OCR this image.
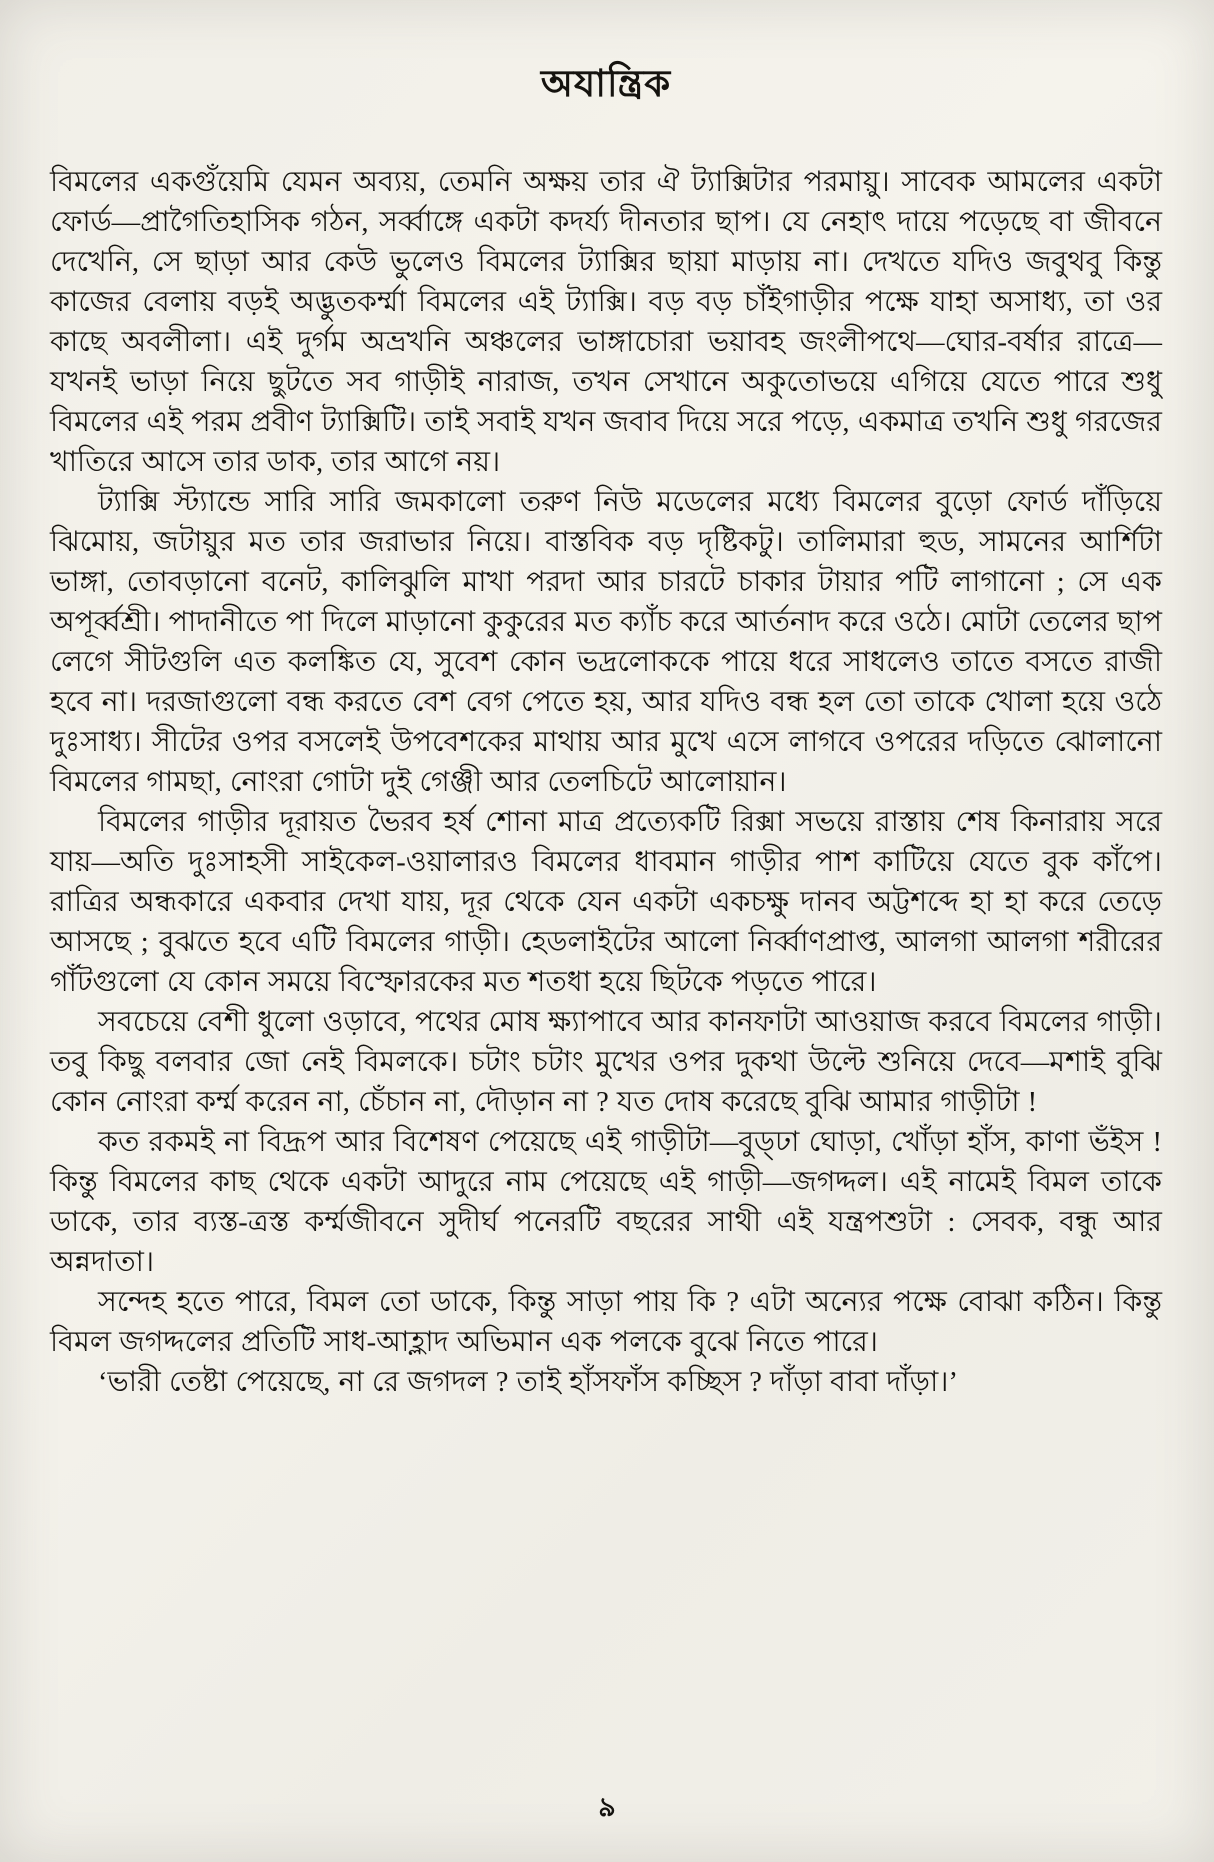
অযান্ত্রিক

বিমলের একগুঁয়েমি যেমন অব্যয়, তেমনি অক্ষয় তার ঐ ট্যাক্সিটার পরমায়ু। সাবেক আমলের একটা ফোর্ড—প্রাগৈতিহাসিক গঠন, সর্ব্বাঙ্গে একটা কদর্য্য দীনতার ছাপ। যে নেহাৎ দায়ে পড়েছে বা জীবনে দেখেনি, সে ছাড়া আর কেউ ভুলেও বিমলের ট্যাক্সির ছায়া মাড়ায় না। দেখতে যদিও জবুথবু কিন্তু কাজের বেলায় বড়ই অদ্ভুতকর্ম্মা বিমলের এই ট্যাক্সি। বড় বড় চাঁইগাড়ীর পক্ষে যাহা অসাধ্য, তা ওর কাছে অবলীলা। এই দুর্গম অভ্রখনি অঞ্চলের ভাঙ্গাচোরা ভয়াবহ জংলীপথে—ঘোর-বর্ষার রাত্রে—যখনই ভাড়া নিয়ে ছুটতে সব গাড়ীই নারাজ, তখন সেখানে অকুতোভয়ে এগিয়ে যেতে পারে শুধু বিমলের এই পরম প্রবীণ ট্যাক্সিটি। তাই সবাই যখন জবাব দিয়ে সরে পড়ে, একমাত্র তখনি শুধু গরজের খাতিরে আসে তার ডাক, তার আগে নয়।

ট্যাক্সি স্ট্যান্ডে সারি সারি জমকালো তরুণ নিউ মডেলের মধ্যে বিমলের বুড়ো ফোর্ড দাঁড়িয়ে ঝিমোয়, জটায়ুর মত তার জরাভার নিয়ে। বাস্তবিক বড় দৃষ্টিকটু। তালিমারা হুড, সামনের আর্শিটা ভাঙ্গা, তোবড়ানো বনেট, কালিঝুলি মাখা পরদা আর চারটে চাকার টায়ার পটি লাগানো ; সে এক অপূর্ব্বশ্রী। পাদানীতে পা দিলে মাড়ানো কুকুরের মত ক্যাঁচ করে আর্তনাদ করে ওঠে। মোটা তেলের ছাপ লেগে সীটগুলি এত কলঙ্কিত যে, সুবেশ কোন ভদ্রলোককে পায়ে ধরে সাধলেও তাতে বসতে রাজী হবে না। দরজাগুলো বন্ধ করতে বেশ বেগ পেতে হয়, আর যদিও বন্ধ হল তো তাকে খোলা হয়ে ওঠে দুঃসাধ্য। সীটের ওপর বসলেই উপবেশকের মাথায় আর মুখে এসে লাগবে ওপরের দড়িতে ঝোলানো বিমলের গামছা, নোংরা গোটা দুই গেঞ্জী আর তেলচিটে আলোয়ান।

বিমলের গাড়ীর দূরায়ত ভৈরব হর্ষ শোনা মাত্র প্রত্যেকটি রিক্সা সভয়ে রাস্তায় শেষ কিনারায় সরে যায়—অতি দুঃসাহসী সাইকেল-ওয়ালারও বিমলের ধাবমান গাড়ীর পাশ কাটিয়ে যেতে বুক কাঁপে। রাত্রির অন্ধকারে একবার দেখা যায়, দূর থেকে যেন একটা একচক্ষু দানব অট্টশব্দে হা হা করে তেড়ে আসছে ; বুঝতে হবে এটি বিমলের গাড়ী। হেডলাইটের আলো নির্ব্বাণপ্রাপ্ত, আলগা আলগা শরীরের গাঁটগুলো যে কোন সময়ে বিস্ফোরকের মত শতধা হয়ে ছিটকে পড়তে পারে।

সবচেয়ে বেশী ধুলো ওড়াবে, পথের মোষ ক্ষ্যাপাবে আর কানফাটা আওয়াজ করবে বিমলের গাড়ী। তবু কিছু বলবার জো নেই বিমলকে। চটাং চটাং মুখের ওপর দুকথা উল্টে শুনিয়ে দেবে—মশাই বুঝি কোন নোংরা কর্ম্ম করেন না, চেঁচান না, দৌড়ান না ? যত দোষ করেছে বুঝি আমার গাড়ীটা !

কত রকমই না বিদ্রূপ আর বিশেষণ পেয়েছে এই গাড়ীটা—বুড্ঢা ঘোড়া, খোঁড়া হাঁস, কাণা ভঁইস ! কিন্তু বিমলের কাছ থেকে একটা আদুরে নাম পেয়েছে এই গাড়ী—জগদ্দল। এই নামেই বিমল তাকে ডাকে, তার ব্যস্ত-ত্রস্ত কর্ম্মজীবনে সুদীর্ঘ পনেরটি বছরের সাথী এই যন্ত্রপশুটা : সেবক, বন্ধু আর অন্নদাতা।

সন্দেহ হতে পারে, বিমল তো ডাকে, কিন্তু সাড়া পায় কি ? এটা অন্যের পক্ষে বোঝা কঠিন। কিন্তু বিমল জগদ্দলের প্রতিটি সাধ-আহ্লাদ অভিমান এক পলকে বুঝে নিতে পারে।

‘ভারী তেষ্টা পেয়েছে, না রে জগদল ? তাই হাঁসফাঁস কচ্ছিস ? দাঁড়া বাবা দাঁড়া।’

৯
